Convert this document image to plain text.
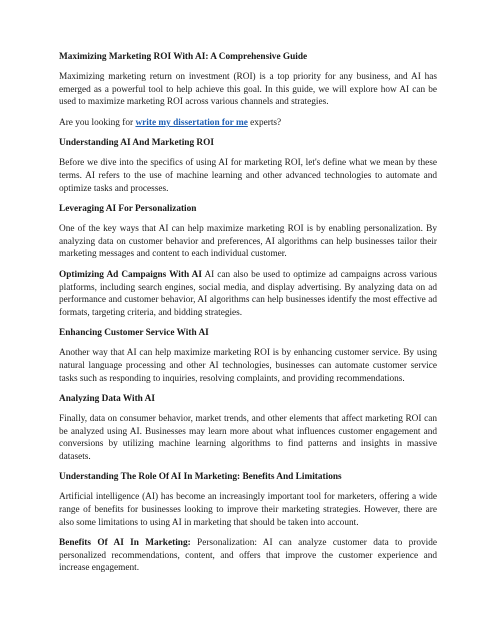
Maximizing Marketing ROI With AI: A Comprehensive Guide

Maximizing marketing return on investment (ROI) is a top priority for any business, and AI has emerged as a powerful tool to help achieve this goal. In this guide, we will explore how AI can be used to maximize marketing ROI across various channels and strategies.

Are you looking for write my dissertation for me experts?

Understanding AI And Marketing ROI

Before we dive into the specifics of using AI for marketing ROI, let's define what we mean by these terms. AI refers to the use of machine learning and other advanced technologies to automate and optimize tasks and processes.

Leveraging AI For Personalization

One of the key ways that AI can help maximize marketing ROI is by enabling personalization. By analyzing data on customer behavior and preferences, AI algorithms can help businesses tailor their marketing messages and content to each individual customer.

Optimizing Ad Campaigns With AI AI can also be used to optimize ad campaigns across various platforms, including search engines, social media, and display advertising. By analyzing data on ad performance and customer behavior, AI algorithms can help businesses identify the most effective ad formats, targeting criteria, and bidding strategies.

Enhancing Customer Service With AI

Another way that AI can help maximize marketing ROI is by enhancing customer service. By using natural language processing and other AI technologies, businesses can automate customer service tasks such as responding to inquiries, resolving complaints, and providing recommendations.

Analyzing Data With AI

Finally, data on consumer behavior, market trends, and other elements that affect marketing ROI can be analyzed using AI. Businesses may learn more about what influences customer engagement and conversions by utilizing machine learning algorithms to find patterns and insights in massive datasets.

Understanding The Role Of AI In Marketing: Benefits And Limitations

Artificial intelligence (AI) has become an increasingly important tool for marketers, offering a wide range of benefits for businesses looking to improve their marketing strategies. However, there are also some limitations to using AI in marketing that should be taken into account.

Benefits Of AI In Marketing: Personalization: AI can analyze customer data to provide personalized recommendations, content, and offers that improve the customer experience and increase engagement.
